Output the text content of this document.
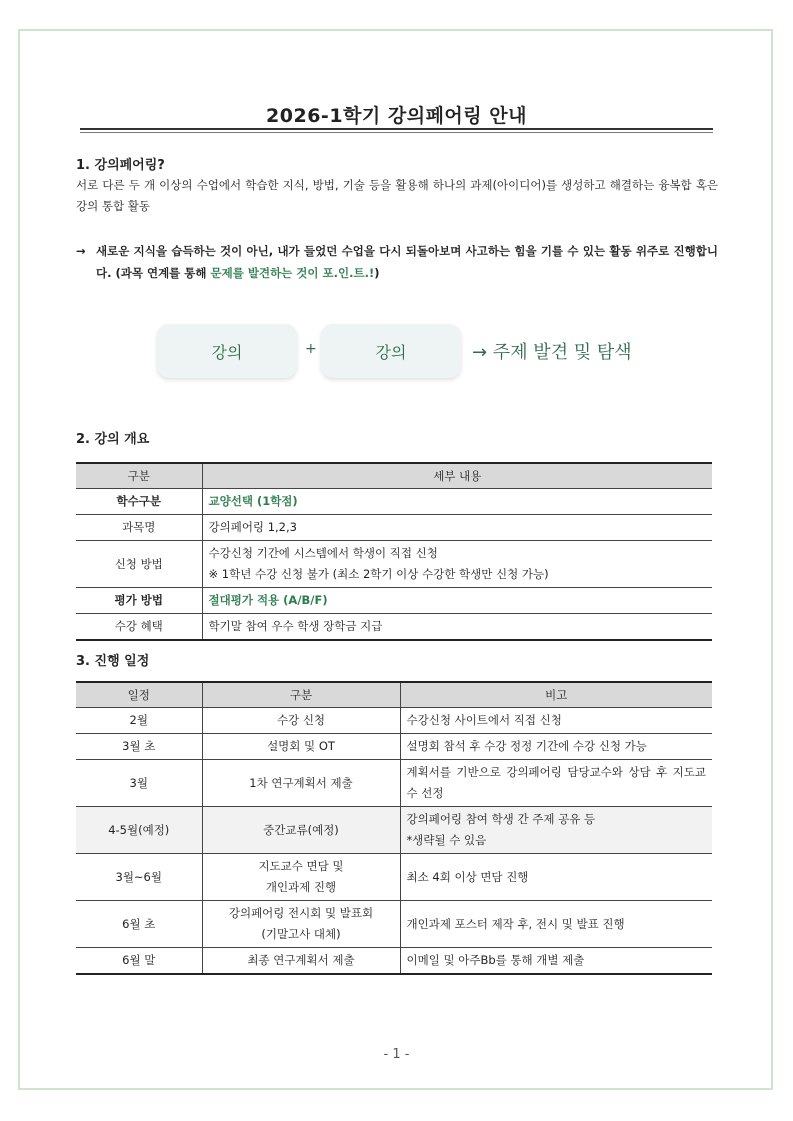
2026-1학기 강의페어링 안내
1. 강의페어링?
서로 다른 두 개 이상의 수업에서 학습한 지식, 방법, 기술 등을 활용해 하나의 과제(아이디어)를 생성하고 해결하는 융복합 혹은 강의 통합 활동
→ 새로운 지식을 습득하는 것이 아닌, 내가 들었던 수업을 다시 되돌아보며 사고하는 힘을 기를 수 있는 활동 위주로 진행합니다. (과목 연계를 통해 문제를 발견하는 것이 포.인.트.!)
강의	+	강의	→ 주제 발견 및 탐색
2. 강의 개요
구분	세부 내용
학수구분	교양선택 (1학점)
과목명	강의페어링 1,2,3
신청 방법	수강신청 기간에 시스템에서 학생이 직접 신청
※ 1학년 수강 신청 불가 (최소 2학기 이상 수강한 학생만 신청 가능)

평가 방법	절대평가 적용 (A/B/F)
수강 혜택	학기말 참여 우수 학생 장학금 지급
3. 진행 일정
일정	구분	비고
2월	수강 신청	수강신청 사이트에서 직접 신청
3월 초	설명회 및 OT	설명회 참석 후 수강 정정 기간에 수강 신청 가능
3월	1차 연구계획서 제출	계획서를 기반으로 강의페어링 담당교수와 상담 후 지도교수 선정
4-5월(예정)	중간교류(예정)	강의페어링 참여 학생 간 주제 공유 등
*생략될 수 있음

3월~6월	지도교수 면담 및
개인과제 진행	최소 4회 이상 면담 진행
6월 초	강의페어링 전시회 및 발표회
(기말고사 대체)	개인과제 포스터 제작 후, 전시 및 발표 진행
6월 말	최종 연구계획서 제출	이메일 및 아주Bb를 통해 개별 제출
- 1 -
